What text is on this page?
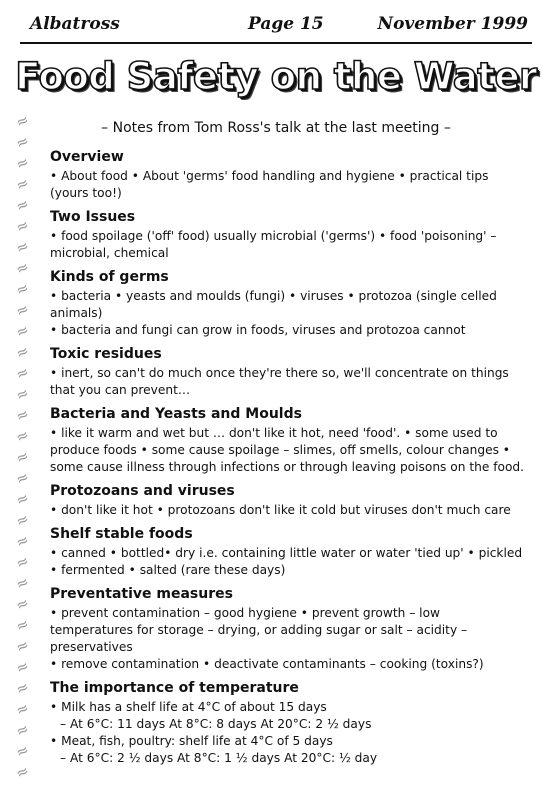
Albatross	Page 15	November 1999
Food Safety on the Water
– Notes from Tom Ross's talk at the last meeting –
≈
≈
≈
≈
≈
≈
≈
≈
≈
≈
≈
≈
≈
≈
≈
≈
≈
≈
≈
≈
≈
≈
≈
≈
≈
≈
≈
≈
≈
≈
≈
≈
Overview

• About food • About 'germs' food handling and hygiene • practical tips (yours too!)

Two Issues

• food spoilage ('off' food) usually microbial ('germs') • food 'poisoning' – microbial, chemical

Kinds of germs

• bacteria • yeasts and moulds (fungi) • viruses • protozoa (single celled animals)

• bacteria and fungi can grow in foods, viruses and protozoa cannot

Toxic residues

• inert, so can't do much once they're there so, we'll concentrate on things that you can prevent…

Bacteria and Yeasts and Moulds

• like it warm and wet but … don't like it hot, need 'food'. • some used to produce foods • some cause spoilage – slimes, off smells, colour changes • some cause illness through infections or through leaving poisons on the food.

Protozoans and viruses

• don't like it hot • protozoans don't like it cold but viruses don't much care

Shelf stable foods

• canned • bottled• dry i.e. containing little water or water 'tied up' • pickled • fermented • salted (rare these days)

Preventative measures

• prevent contamination – good hygiene • prevent growth – low temperatures for storage – drying, or adding sugar or salt – acidity – preservatives

• remove contamination • deactivate contaminants – cooking (toxins?)

The importance of temperature

• Milk has a shelf life at 4°C of about 15 days

– At 6°C: 11 days At 8°C: 8 days At 20°C: 2 ½ days

• Meat, fish, poultry: shelf life at 4°C of 5 days

– At 6°C: 2 ½ days At 8°C: 1 ½ days At 20°C: ½ day
